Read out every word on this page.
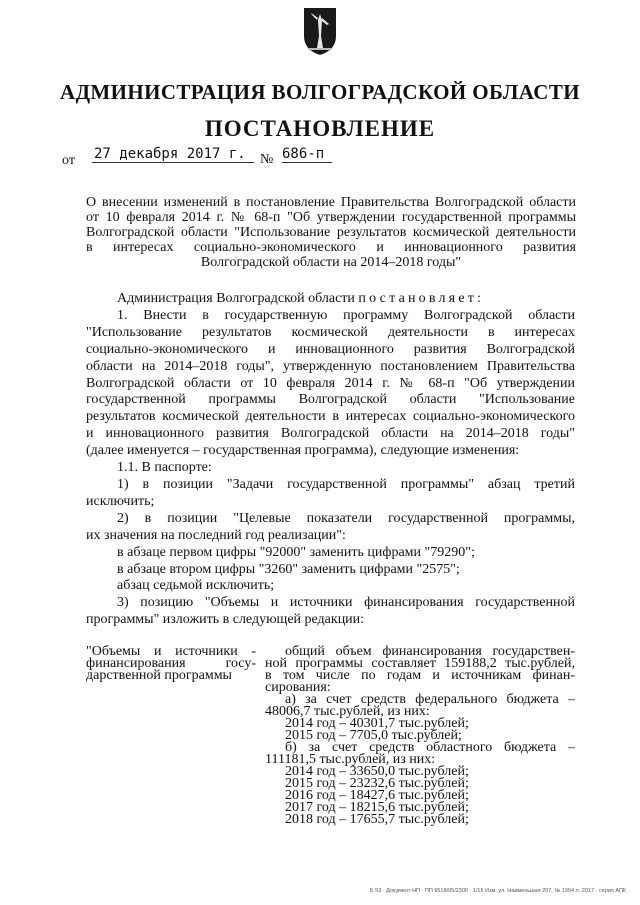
АДМИНИСТРАЦИЯ ВОЛГОГРАДСКОЙ ОБЛАСТИ
ПОСТАНОВЛЕНИЕ
от 27 декабря 2017 г.	№ 686-п
О внесении изменений в постановление Правительства Волгоградской области
от 10 февраля 2014 г. № 68-п "Об утверждении государственной программы
Волгоградской области "Использование результатов космической деятельности
в интересах социально-экономического и инновационного развития
Волгоградской области на 2014–2018 годы"
Администрация Волгоградской области постановляет:
1. Внести в государственную программу Волгоградской области
"Использование результатов космической деятельности в интересах
социально-экономического и инновационного развития Волгоградской
области на 2014–2018 годы", утвержденную постановлением Правительства
Волгоградской области от 10 февраля 2014 г. № 68-п "Об утверждении
государственной программы Волгоградской области "Использование
результатов космической деятельности в интересах социально-экономического
и инновационного развития Волгоградской области на 2014–2018 годы"
(далее именуется – государственная программа), следующие изменения:
1.1. В паспорте:
1) в позиции "Задачи государственной программы" абзац третий
исключить;
2) в позиции "Целевые показатели государственной программы,
их значения на последний год реализации":
в абзаце первом цифры "92000" заменить цифрами "79290";
в абзаце втором цифры "3260" заменить цифрами "2575";
абзац седьмой исключить;
3) позицию "Объемы и источники финансирования государственной
программы" изложить в следующей редакции:
"Объемы и источники -
финансирования госу-
дарственной программы
общий объем финансирования государствен-
ной программы составляет 159188,2 тыс.рублей,
в том числе по годам и источникам финан-
сирования:
а) за счет средств федерального бюджета –
48006,7 тыс.рублей, из них:
2014 год – 40301,7 тыс.рублей;
2015 год – 7705,0 тыс.рублей;
б) за счет средств областного бюджета –
111181,5 тыс.рублей, из них:
2014 год – 33650,0 тыс.рублей;
2015 год – 23232,6 тыс.рублей;
2016 год – 18427,6 тыс.рублей;
2017 год – 18215,6 тыс.рублей;
2018 год – 17655,7 тыс.рублей;
Б 53 · Документ НП · ПП 9518/05/2300 · 1/15 Изм. ул. Наименьшая 207, № 1994 л. 2017 · серия АПК
